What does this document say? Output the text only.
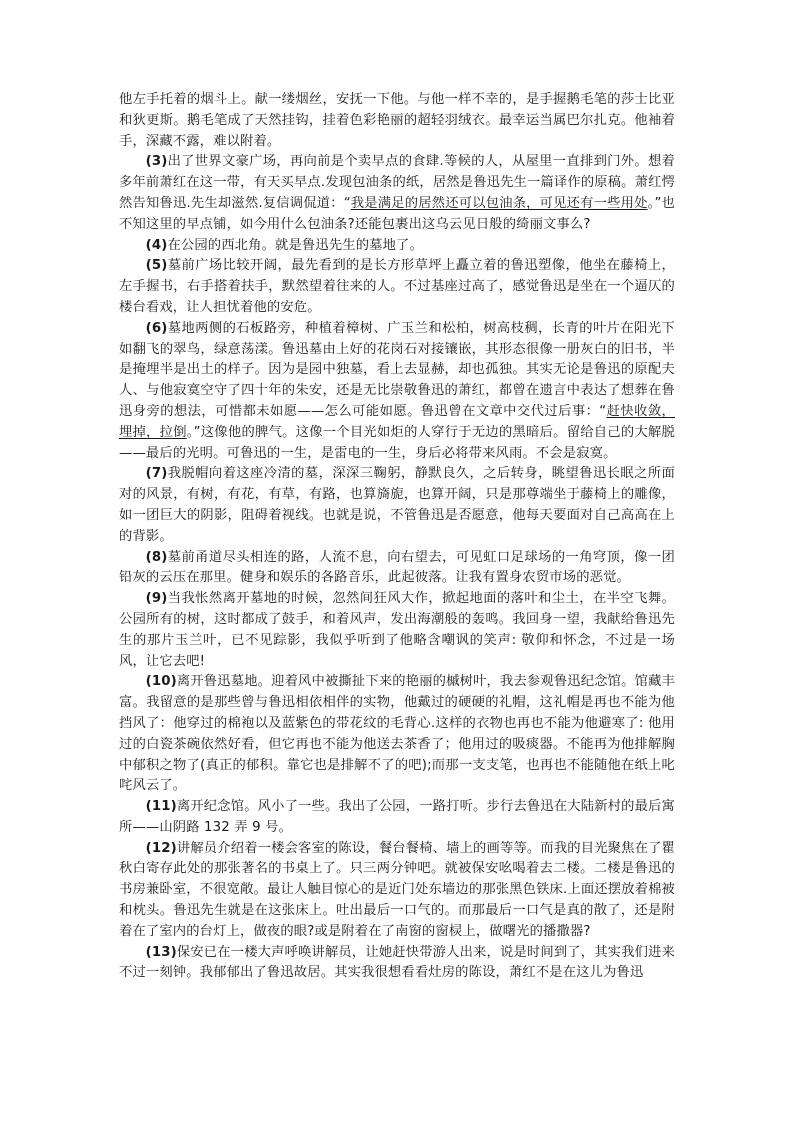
他左手托着的烟斗上。献一缕烟丝，安抚一下他。与他一样不幸的，是手握鹅毛笔的莎士比亚和狄更斯。鹅毛笔成了天然挂钩，挂着色彩艳丽的超轻羽绒衣。最幸运当属巴尔扎克。他袖着手，深藏不露，难以附着。

(3)出了世界文豪广场，再向前是个卖早点的食肆.等候的人，从屋里一直排到门外。想着多年前萧红在这一带，有天买早点.发现包油条的纸，居然是鲁迅先生一篇译作的原稿。萧红愕然告知鲁迅.先生却滋然.复信调侃道：“我是满足的居然还可以包油条，可见还有一些用处。”也不知这里的早点铺，如今用什么包油条?还能包裹出这乌云见日般的绮丽文事么?

(4)在公园的西北角。就是鲁迅先生的墓地了。

(5)墓前广场比较开阔，最先看到的是长方形草坪上矗立着的鲁迅塑像，他坐在藤椅上，左手握书，右手搭着扶手，默然望着往来的人。不过基座过高了，感觉鲁迅是坐在一个逼仄的楼台看戏，让人担忧着他的安危。

(6)墓地两侧的石板路旁，种植着樟树、广玉兰和松柏，树高枝稠，长青的叶片在阳光下如翻飞的翠鸟，绿意荡漾。鲁迅墓由上好的花岗石对接镶嵌，其形态很像一册灰白的旧书，半是掩埋半是出土的样子。因为是园中独墓，看上去显赫，却也孤独。其实无论是鲁迅的原配夫人、与他寂寞空守了四十年的朱安，还是无比崇敬鲁迅的萧红，都曾在遗言中表达了想葬在鲁迅身旁的想法，可惜都未如愿——怎么可能如愿。鲁迅曾在文章中交代过后事：“赶快收敛，埋掉，拉倒。”这像他的脾气。这像一个目光如炬的人穿行于无边的黑暗后。留给自己的大解脱——最后的光明。可鲁迅的一生，是雷电的一生，身后必将带来风雨。不会是寂寞。

(7)我脱帽向着这座冷清的墓，深深三鞠躬，静默良久，之后转身，眺望鲁迅长眠之所面对的风景，有树，有花，有草，有路，也算旖旎，也算开阔，只是那尊端坐于藤椅上的雕像，如一团巨大的阴影，阻碍着视线。也就是说，不管鲁迅是否愿意，他每天要面对自己高高在上的背影。

(8)墓前甬道尽头相连的路，人流不息，向右望去，可见虹口足球场的一角穹顶，像一团铅灰的云压在那里。健身和娱乐的各路音乐，此起彼落。让我有置身农贸市场的恶觉。

(9)当我怅然离开墓地的时候，忽然间狂风大作，掀起地面的落叶和尘土，在半空飞舞。公园所有的树，这时都成了鼓手，和着风声，发出海潮般的轰鸣。我回身一望，我献给鲁迅先生的那片玉兰叶，已不见踪影，我似乎听到了他略含嘲讽的笑声: 敬仰和怀念，不过是一场风，让它去吧!

(10)离开鲁迅墓地。迎着风中被撕扯下来的艳丽的槭树叶，我去参观鲁迅纪念馆。馆藏丰富。我留意的是那些曾与鲁迅相依相伴的实物，他戴过的硬硬的礼帽，这礼帽是再也不能为他挡风了：他穿过的棉袍以及蓝紫色的带花纹的毛背心.这样的衣物也再也不能为他避寒了: 他用过的白瓷茶碗依然好看，但它再也不能为他送去茶香了；他用过的吸痰器。不能再为他排解胸中郁积之物了(真正的郁积。靠它也是排解不了的吧);而那一支支笔，也再也不能随他在纸上叱咤风云了。

(11)离开纪念馆。风小了一些。我出了公园，一路打听。步行去鲁迅在大陆新村的最后寓所——山阴路 132 弄 9 号。

(12)讲解员介绍着一楼会客室的陈设，餐台餐椅、墙上的画等等。而我的目光聚焦在了瞿秋白寄存此处的那张著名的书桌上了。只三两分钟吧。就被保安吆喝着去二楼。二楼是鲁迅的书房兼卧室，不很宽敞。最让人触目惊心的是近门处东墙边的那张黑色铁床.上面还摆放着棉被和枕头。鲁迅先生就是在这张床上。吐出最后一口气的。而那最后一口气是真的散了，还是附着在了室内的台灯上，做夜的眼?或是附着在了南窗的窗棂上，做曙光的播撒器?

(13)保安已在一楼大声呼唤讲解员，让她赶快带游人出来，说是时间到了，其实我们进来不过一刻钟。我郁郁出了鲁迅故居。其实我很想看看灶房的陈设，萧红不是在这儿为鲁迅
